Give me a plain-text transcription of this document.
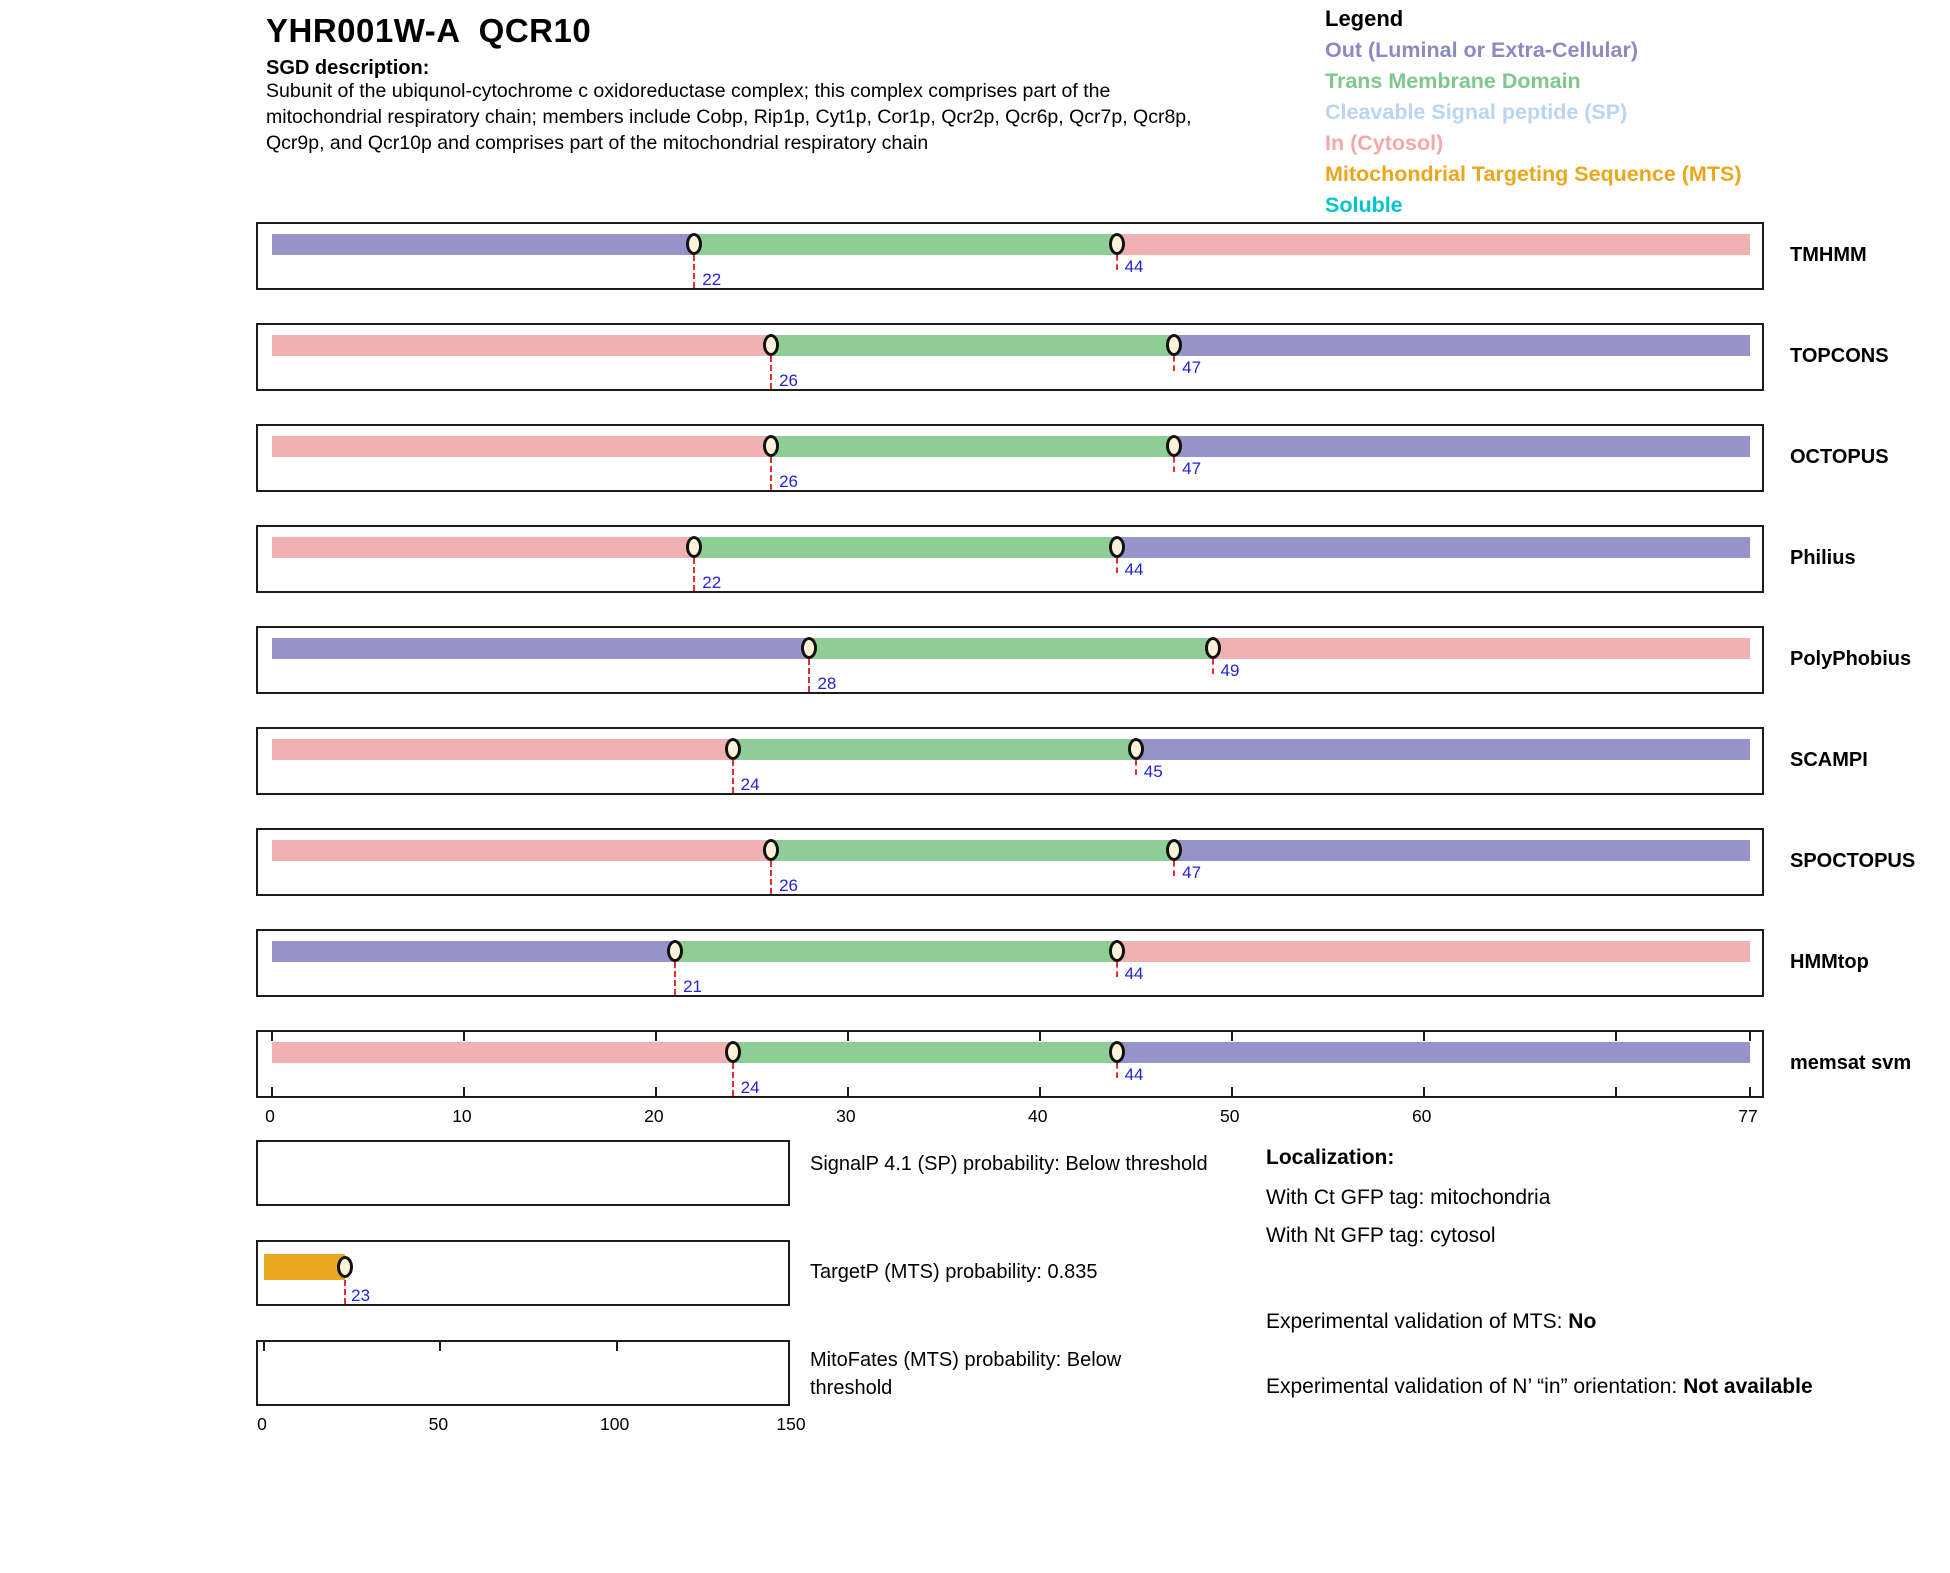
YHR001W-A  QCR10
SGD description:
Subunit of the ubiqunol-cytochrome c oxidoreductase complex; this complex comprises part of the
mitochondrial respiratory chain; members include Cobp, Rip1p, Cyt1p, Cor1p, Qcr2p, Qcr6p, Qcr7p, Qcr8p,
Qcr9p, and Qcr10p and comprises part of the mitochondrial respiratory chain
Legend
Out (Luminal or Extra-Cellular)
Trans Membrane Domain
Cleavable Signal peptide (SP)
In (Cytosol)
Mitochondrial Targeting Sequence (MTS)
Soluble
22
44
TMHMM
26
47
TOPCONS
26
47
OCTOPUS
22
44
Philius
28
49
PolyPhobius
24
45
SCAMPI
26
47
SPOCTOPUS
21
44
HMMtop
24
44
memsat svm
0	10	20	30	40	50	60	77
SignalP 4.1 (SP) probability: Below threshold
23
TargetP (MTS) probability: 0.835
MitoFates (MTS) probability: Below
threshold
0	50	100	150
Localization:
With Ct GFP tag: mitochondria
With Nt GFP tag: cytosol
Experimental validation of MTS: No
Experimental validation of N’ “in” orientation: Not available
